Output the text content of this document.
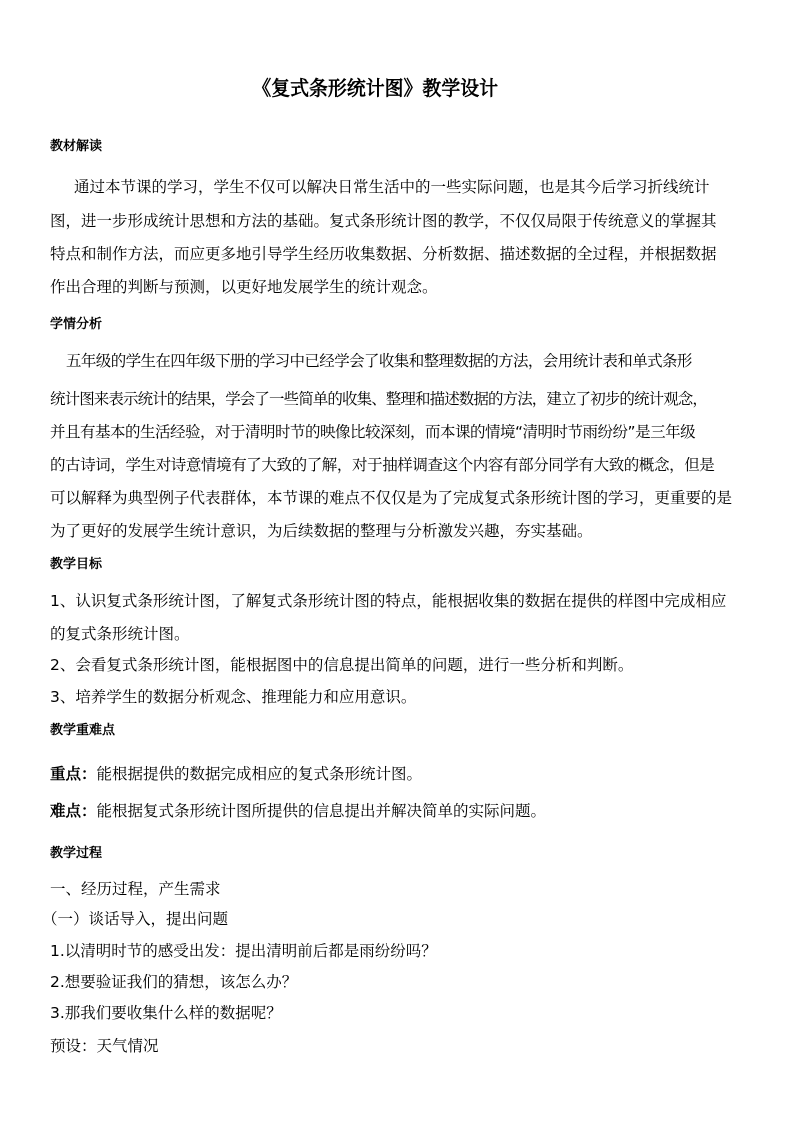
《复式条形统计图》教学设计
教材解读
通过本节课的学习，学生不仅可以解决日常生活中的一些实际问题，也是其今后学习折线统计
图，进一步形成统计思想和方法的基础。复式条形统计图的教学，不仅仅局限于传统意义的掌握其
特点和制作方法，而应更多地引导学生经历收集数据、分析数据、描述数据的全过程，并根据数据
作出合理的判断与预测，以更好地发展学生的统计观念。
学情分析
五年级的学生在四年级下册的学习中已经学会了收集和整理数据的方法，会用统计表和单式条形
统计图来表示统计的结果，学会了一些简单的收集、整理和描述数据的方法，建立了初步的统计观念，
并且有基本的生活经验，对于清明时节的映像比较深刻，而本课的情境“清明时节雨纷纷”是三年级
的古诗词，学生对诗意情境有了大致的了解，对于抽样调查这个内容有部分同学有大致的概念，但是
可以解释为典型例子代表群体，本节课的难点不仅仅是为了完成复式条形统计图的学习，更重要的是
为了更好的发展学生统计意识，为后续数据的整理与分析激发兴趣，夯实基础。
教学目标
1、认识复式条形统计图，了解复式条形统计图的特点，能根据收集的数据在提供的样图中完成相应
的复式条形统计图。
2、会看复式条形统计图，能根据图中的信息提出简单的问题，进行一些分析和判断。
3、培养学生的数据分析观念、推理能力和应用意识。
教学重难点
重点：能根据提供的数据完成相应的复式条形统计图。
难点：能根据复式条形统计图所提供的信息提出并解决简单的实际问题。
教学过程
一、经历过程，产生需求
（一）谈话导入，提出问题
1.以清明时节的感受出发：提出清明前后都是雨纷纷吗？
2.想要验证我们的猜想，该怎么办？
3.那我们要收集什么样的数据呢？
预设：天气情况
